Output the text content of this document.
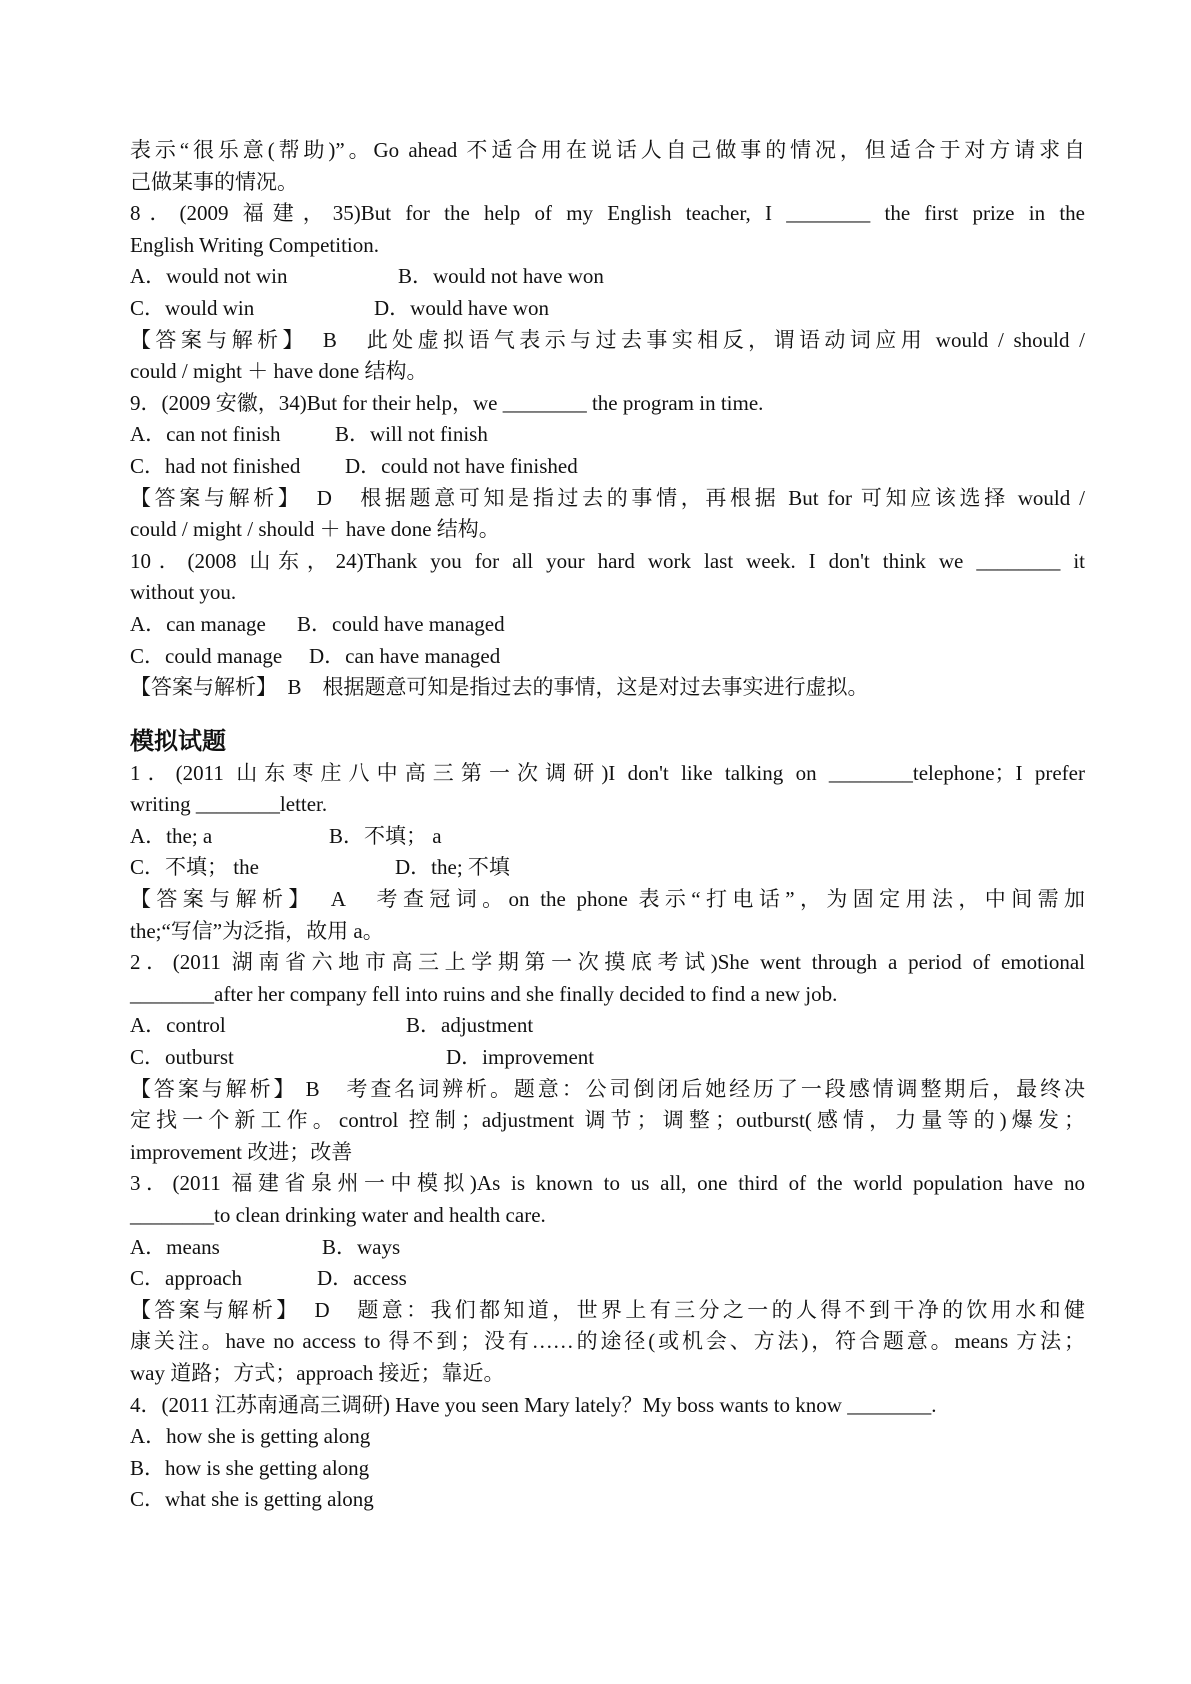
表示“很乐意(帮助)”。Go ahead 不适合用在说话人自己做事的情况，但适合于对方请求自
己做某事的情况。
8．(2009 福建，35)But for the help of my English teacher, I ________ the first prize in the
English Writing Competition.
A．would not win	B．would not have won
C．would win	D．would have won
【答案与解析】　B　此处虚拟语气表示与过去事实相反，谓语动词应用 would / should /
could / might ＋ have done 结构。
9．(2009 安徽，34)But for their help，we ________ the program in time.
A．can not finish	B．will not finish
C．had not finished D．could not have finished
【答案与解析】　D　根据题意可知是指过去的事情，再根据 But for 可知应该选择 would /
could / might / should ＋ have done 结构。
10．(2008 山东，24)Thank you for all your hard work last week. I don't think we ________ it
without you.
A．can manage B．could have managed
C．could manage D．can have managed
【答案与解析】　B　根据题意可知是指过去的事情，这是对过去事实进行虚拟。
模拟试题
1．(2011 山东枣庄八中高三第一次调研)I don't like talking on ________telephone；I prefer
writing ________letter.
A．the; a	B．不填； a
C．不填； the	D．the; 不填
【答案与解析】　A　考查冠词。on the phone 表示“打电话”，为固定用法，中间需加
the;“写信”为泛指，故用 a。
2．(2011 湖南省六地市高三上学期第一次摸底考试)She went through a period of emotional
________after her company fell into ruins and she finally decided to find a new job.
A．control	B．adjustment
C．outburst	D．improvement
【答案与解析】 B　考查名词辨析。题意：公司倒闭后她经历了一段感情调整期后，最终决
定找一个新工作。control 控制；adjustment 调节；调整；outburst(感情，力量等的)爆发；
improvement 改进；改善
3．(2011 福建省泉州一中模拟)As is known to us all, one third of the world population have no
________to clean drinking water and health care.
A．means	B．ways
C．approach	D．access
【答案与解析】　D　题意：我们都知道，世界上有三分之一的人得不到干净的饮用水和健
康关注。have no access to 得不到；没有……的途径(或机会、方法)，符合题意。means 方法；
way 道路；方式；approach 接近；靠近。
4．(2011 江苏南通高三调研) Have you seen Mary lately？My boss wants to know ________.
A．how she is getting along
B．how is she getting along
C．what she is getting along
